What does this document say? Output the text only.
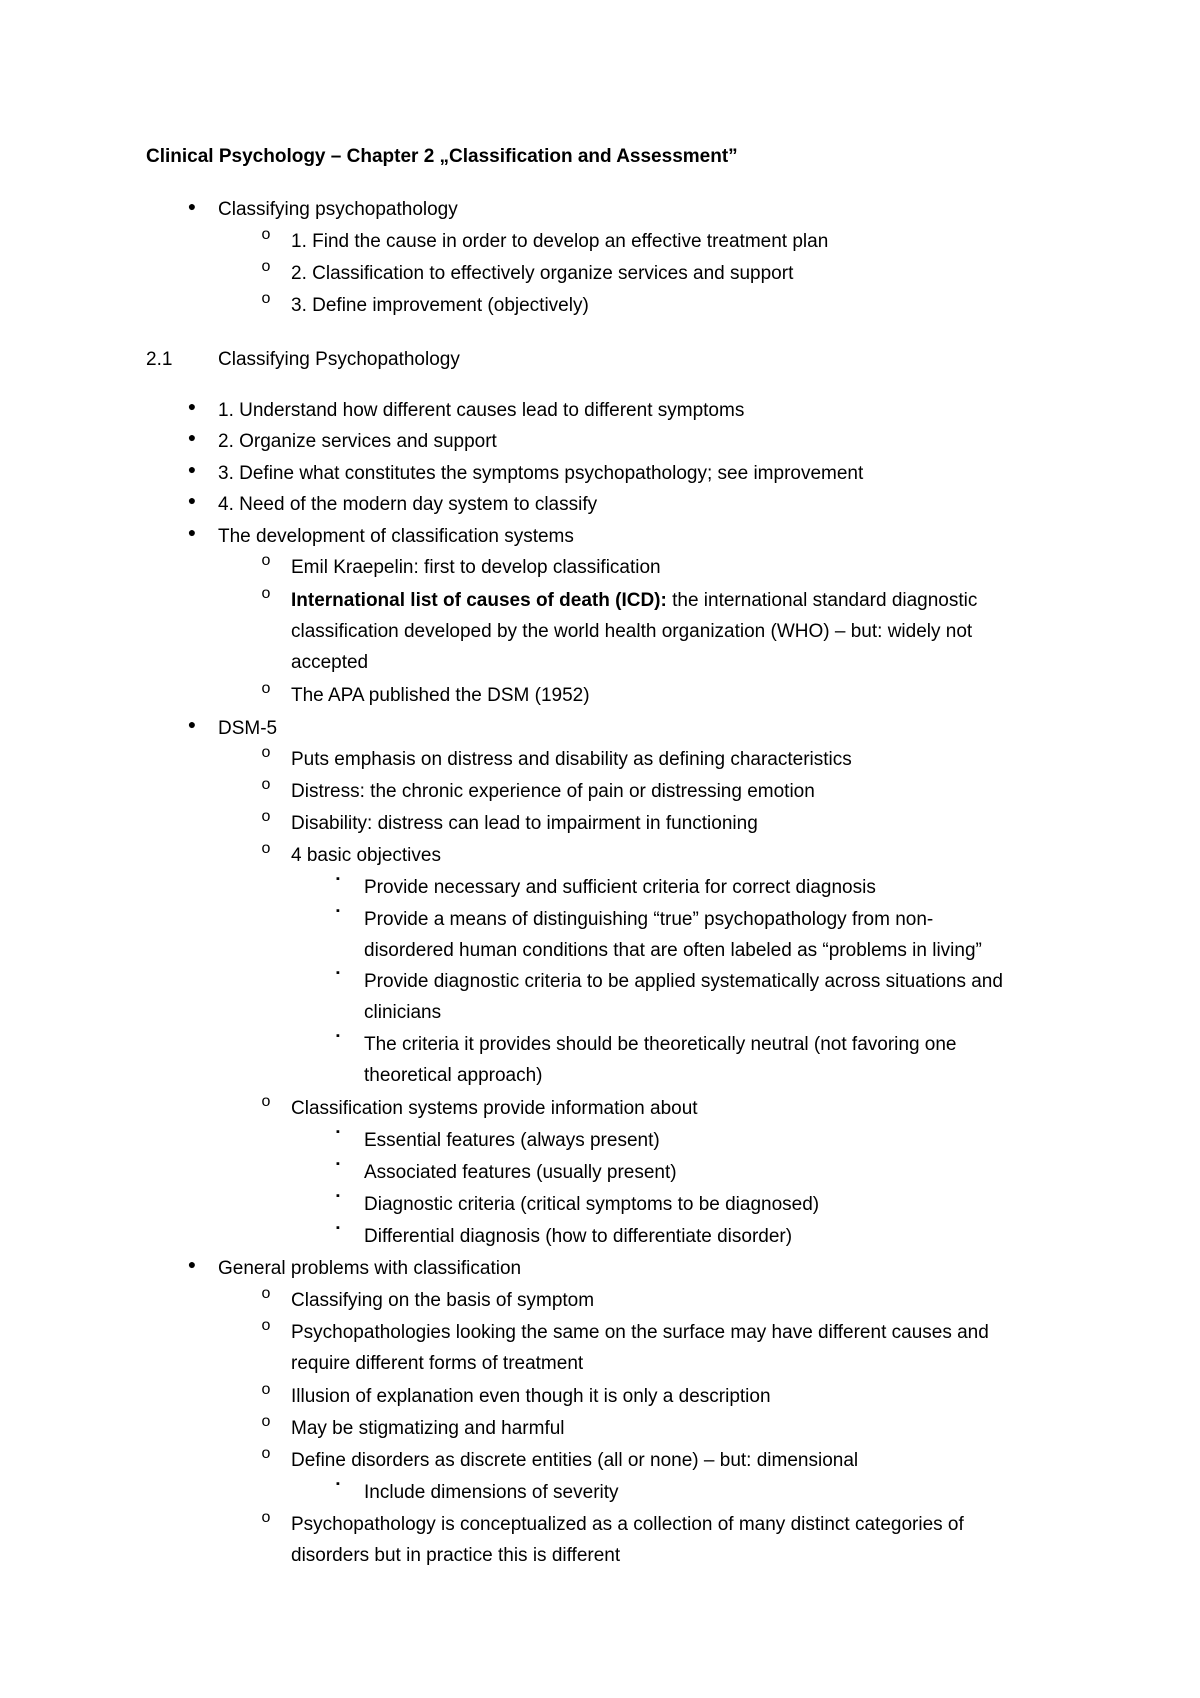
Clinical Psychology – Chapter 2 „Classification and Assessment”
●	Classifying psychopathology
o 1. Find the cause in order to develop an effective treatment plan
o 2. Classification to effectively organize services and support
o 3. Define improvement (objectively)
2.1 Classifying Psychopathology
●	1. Understand how different causes lead to different symptoms
●	2. Organize services and support
●	3. Define what constitutes the symptoms psychopathology; see improvement
●	4. Need of the modern day system to classify
●	The development of classification systems
o Emil Kraepelin: first to develop classification
o International list of causes of death (ICD): the international standard diagnostic
classification developed by the world health organization (WHO) – but: widely not
accepted
o The APA published the DSM (1952)
●	DSM-5
o Puts emphasis on distress and disability as defining characteristics
o Distress: the chronic experience of pain or distressing emotion
o Disability: distress can lead to impairment in functioning
o 4 basic objectives
▪	Provide necessary and sufficient criteria for correct diagnosis
▪	Provide a means of distinguishing “true” psychopathology from non-
disordered human conditions that are often labeled as “problems in living”
▪	Provide diagnostic criteria to be applied systematically across situations and
clinicians
▪	The criteria it provides should be theoretically neutral (not favoring one
theoretical approach)
o Classification systems provide information about
▪	Essential features (always present)
▪	Associated features (usually present)
▪	Diagnostic criteria (critical symptoms to be diagnosed)
▪	Differential diagnosis (how to differentiate disorder)
●	General problems with classification
o Classifying on the basis of symptom
o Psychopathologies looking the same on the surface may have different causes and
require different forms of treatment
o Illusion of explanation even though it is only a description
o May be stigmatizing and harmful
o Define disorders as discrete entities (all or none) – but: dimensional
▪	Include dimensions of severity
o Psychopathology is conceptualized as a collection of many distinct categories of
disorders but in practice this is different
